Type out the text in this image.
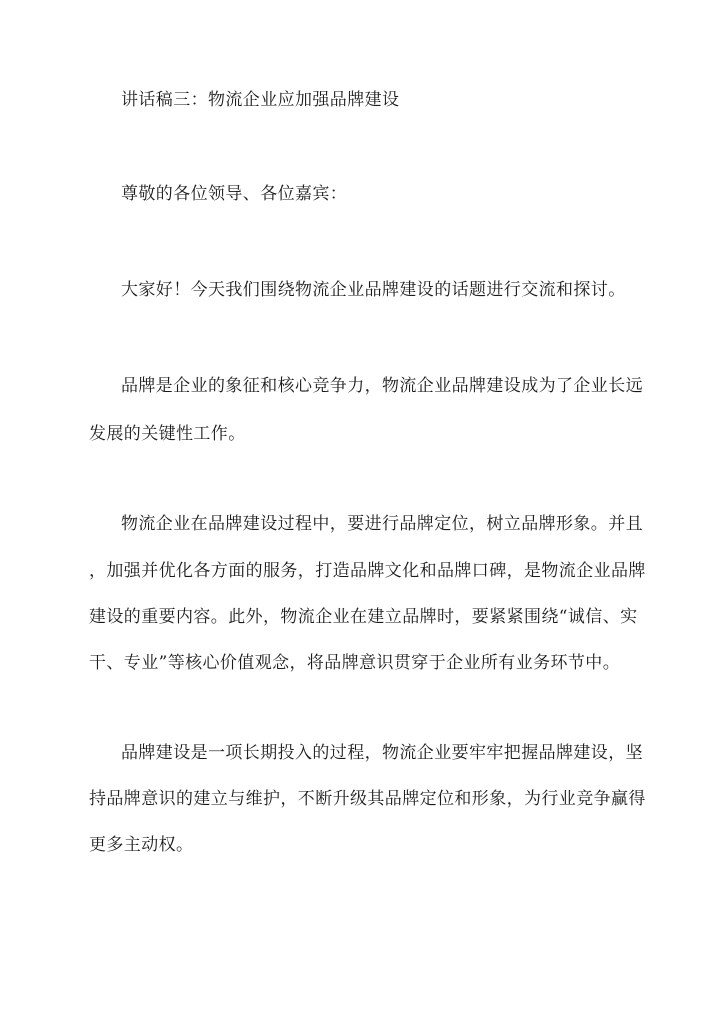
讲话稿三：物流企业应加强品牌建设
尊敬的各位领导、各位嘉宾：
大家好！今天我们围绕物流企业品牌建设的话题进行交流和探讨。
品牌是企业的象征和核心竞争力，物流企业品牌建设成为了企业长远
发展的关键性工作。
物流企业在品牌建设过程中，要进行品牌定位，树立品牌形象。并且
，加强并优化各方面的服务，打造品牌文化和品牌口碑，是物流企业品牌
建设的重要内容。此外，物流企业在建立品牌时，要紧紧围绕“诚信、实
干、专业”等核心价值观念，将品牌意识贯穿于企业所有业务环节中。
品牌建设是一项长期投入的过程，物流企业要牢牢把握品牌建设，坚
持品牌意识的建立与维护，不断升级其品牌定位和形象，为行业竞争赢得
更多主动权。
